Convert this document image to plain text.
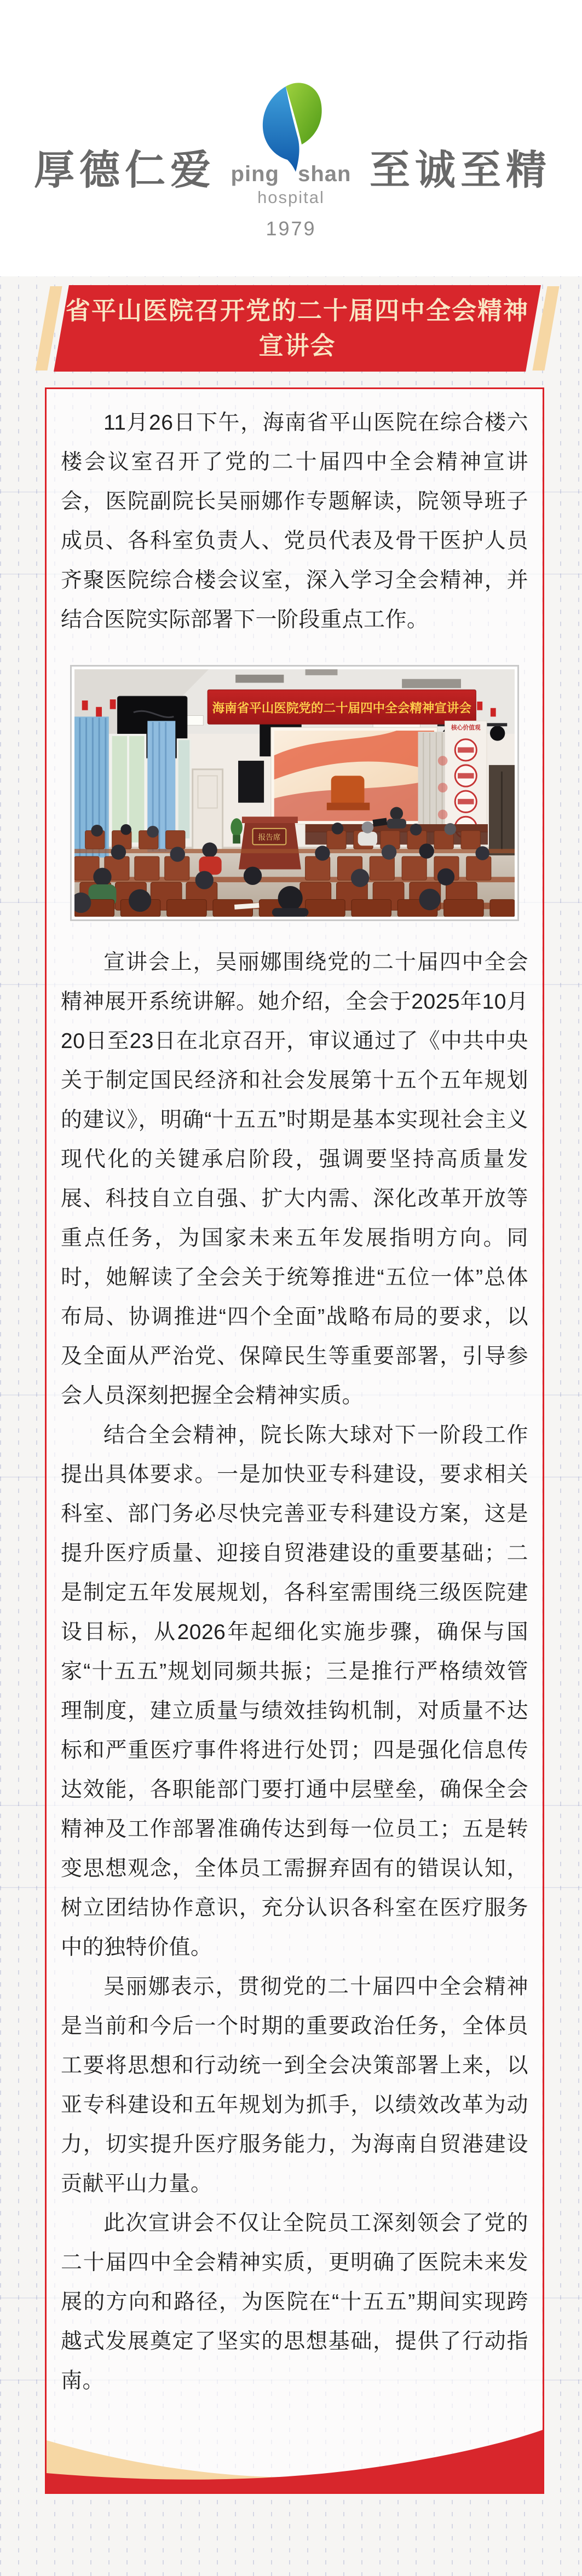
厚德仁爱	至诚至精
ping shan
hospital
1979
省平山医院召开党的二十届四中全会精神
宣讲会

11月26日下午，海南省平山医院在综合楼六楼会议室召开了党的二十届四中全会精神宣讲会，医院副院长吴丽娜作专题解读，院领导班子成员、各科室负责人、党员代表及骨干医护人员齐聚医院综合楼会议室，深入学习全会精神，并结合医院实际部署下一阶段重点工作。

海南省平山医院党的二十届四中全会精神宣讲会
核心价值观
报告席

宣讲会上，吴丽娜围绕党的二十届四中全会精神展开系统讲解。她介绍，全会于2025年10月20日至23日在北京召开，审议通过了《中共中央关于制定国民经济和社会发展第十五个五年规划的建议》，明确“十五五”时期是基本实现社会主义现代化的关键承启阶段，强调要坚持高质量发展、科技自立自强、扩大内需、深化改革开放等重点任务，为国家未来五年发展指明方向。同时，她解读了全会关于统筹推进“五位一体”总体布局、协调推进“四个全面”战略布局的要求，以及全面从严治党、保障民生等重要部署，引导参会人员深刻把握全会精神实质。

结合全会精神，院长陈大球对下一阶段工作提出具体要求。一是加快亚专科建设，要求相关科室、部门务必尽快完善亚专科建设方案，这是提升医疗质量、迎接自贸港建设的重要基础；二是制定五年发展规划，各科室需围绕三级医院建设目标，从2026年起细化实施步骤，确保与国家“十五五”规划同频共振；三是推行严格绩效管理制度，建立质量与绩效挂钩机制，对质量不达标和严重医疗事件将进行处罚；四是强化信息传达效能，各职能部门要打通中层壁垒，确保全会精神及工作部署准确传达到每一位员工；五是转变思想观念，全体员工需摒弃固有的错误认知，树立团结协作意识，充分认识各科室在医疗服务中的独特价值。

吴丽娜表示，贯彻党的二十届四中全会精神是当前和今后一个时期的重要政治任务，全体员工要将思想和行动统一到全会决策部署上来，以亚专科建设和五年规划为抓手，以绩效改革为动力，切实提升医疗服务能力，为海南自贸港建设贡献平山力量。

此次宣讲会不仅让全院员工深刻领会了党的二十届四中全会精神实质，更明确了医院未来发展的方向和路径，为医院在“十五五”期间实现跨越式发展奠定了坚实的思想基础，提供了行动指南。
